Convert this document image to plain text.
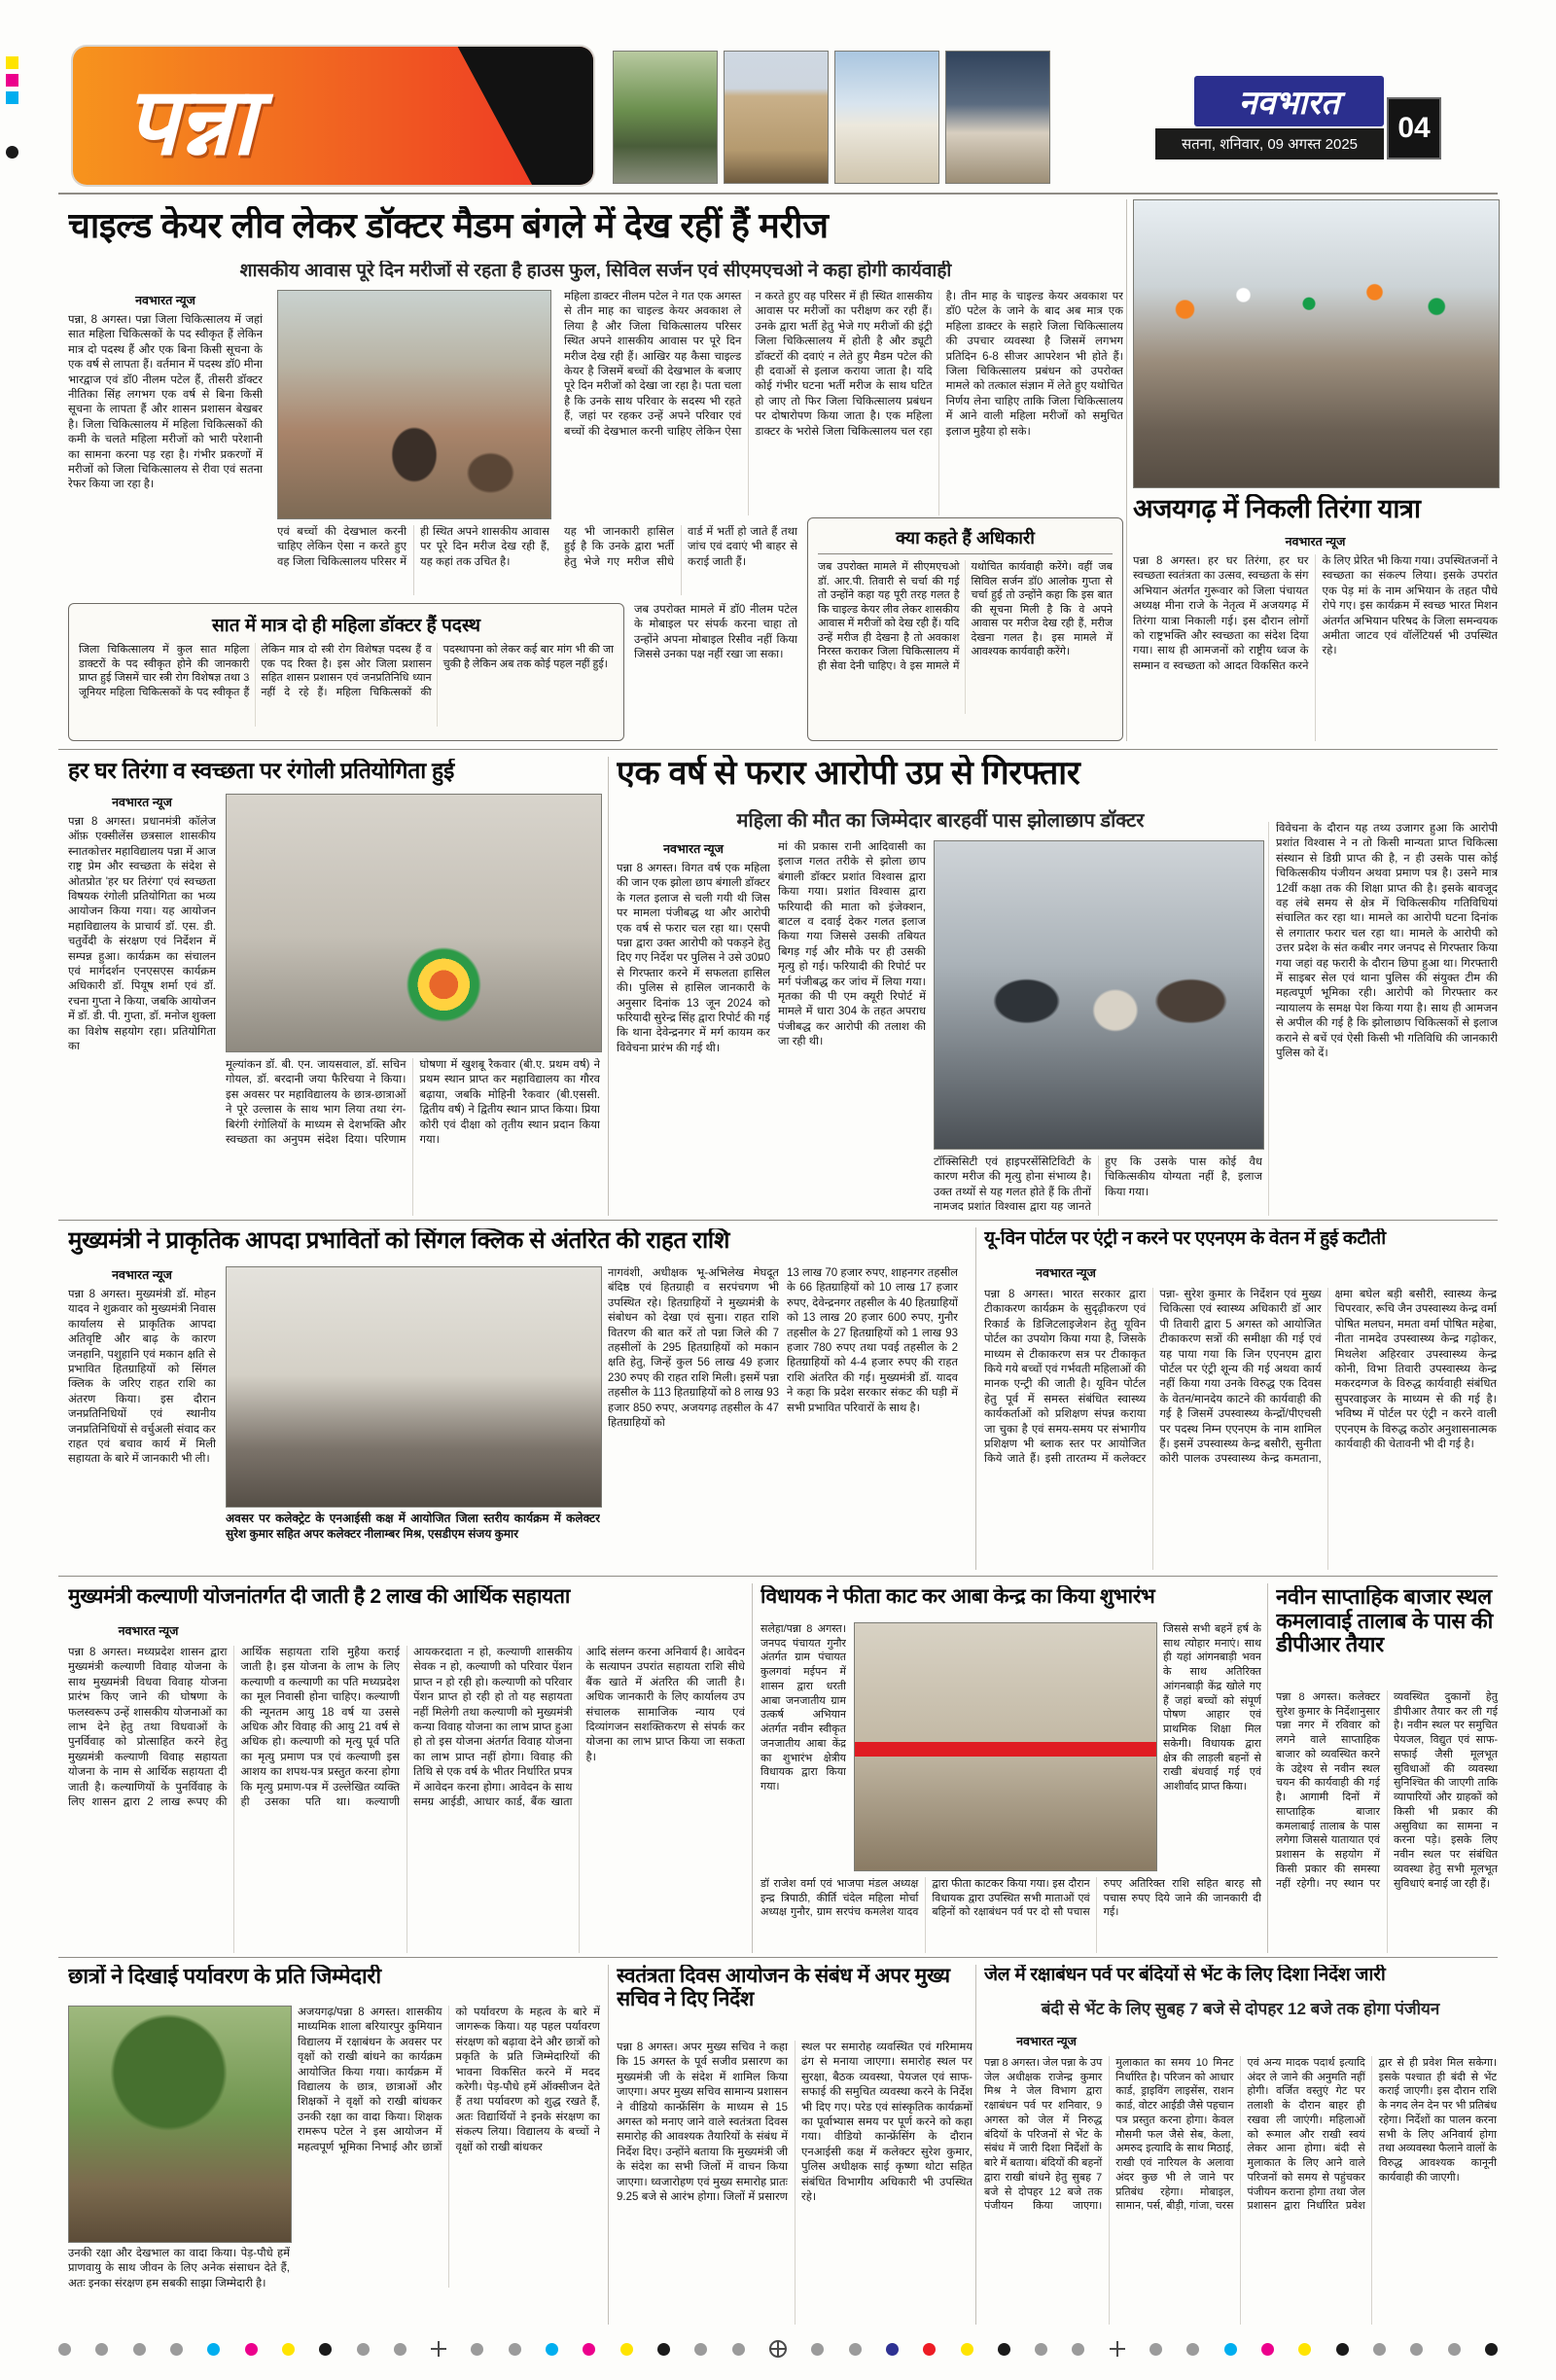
पन्ना	नवभारत
सतना, शनिवार, 09 अगस्त 2025
04
चाइल्ड केयर लीव लेकर डॉक्टर मैडम बंगले में देख रहीं हैं मरीज
शासकीय आवास पूरे दिन मरीजों से रहता है हाउस फुल, सिविल सर्जन एवं सीएमएचओ ने कहा होगी कार्यवाही
नवभारत न्यूज
पन्ना, 8 अगस्त। पन्ना जिला चिकित्सालय में जहां सात महिला चिकित्सकों के पद स्वीकृत हैं लेकिन मात्र दो पदस्थ हैं और एक बिना किसी सूचना के एक वर्ष से लापता हैं। वर्तमान में पदस्थ डॉ0 मीना भारद्वाज एवं डॉ0 नीलम पटेल हैं, तीसरी डॉक्टर नीतिका सिंह लगभग एक वर्ष से बिना किसी सूचना के लापता हैं और शासन प्रशासन बेखबर है। जिला चिकित्सालय में महिला चिकित्सकों की कमी के चलते महिला मरीजों को भारी परेशानी का सामना करना पड़ रहा है। गंभीर प्रकरणों में मरीजों को जिला चिकित्सालय से रीवा एवं सतना रेफर किया जा रहा है।
एवं बच्चों की देखभाल करनी चाहिए लेकिन ऐसा न करते हुए वह जिला चिकित्सालय परिसर में ही स्थित अपने शासकीय आवास पर पूरे दिन मरीज देख रही हैं, यह कहां तक उचित है।
महिला डाक्टर नीलम पटेल ने गत एक अगस्त से तीन माह का चाइल्ड केयर अवकाश ले लिया है और जिला चिकित्सालय परिसर स्थित अपने शासकीय आवास पर पूरे दिन मरीज देख रही हैं। आखिर यह कैसा चाइल्ड केयर है जिसमें बच्चों की देखभाल के बजाए पूरे दिन मरीजों को देखा जा रहा है। पता चला है कि उनके साथ परिवार के सदस्य भी रहते हैं, जहां पर रहकर उन्हें अपने परिवार एवं बच्चों की देखभाल करनी चाहिए लेकिन ऐसा न करते हुए वह परिसर में ही स्थित शासकीय आवास पर मरीजों का परीक्षण कर रही हैं। उनके द्वारा भर्ती हेतु भेजे गए मरीजों की इंट्री जिला चिकित्सालय में होती है और ड्यूटी डॉक्टरों की दवाएं न लेते हुए मैडम पटेल की ही दवाओं से इलाज कराया जाता है। यदि कोई गंभीर घटना भर्ती मरीज के साथ घटित हो जाए तो फिर जिला चिकित्सालय प्रबंधन पर दोषारोपण किया जाता है। एक महिला डाक्टर के भरोसे जिला चिकित्सालय चल रहा है। तीन माह के चाइल्ड केयर अवकाश पर डॉ0 पटेल के जाने के बाद अब मात्र एक महिला डाक्टर के सहारे जिला चिकित्सालय की उपचार व्यवस्था है जिसमें लगभग प्रतिदिन 6-8 सीजर आपरेशन भी होते हैं। जिला चिकित्सालय प्रबंधन को उपरोक्त मामले को तत्काल संज्ञान में लेते हुए यथोचित निर्णय लेना चाहिए ताकि जिला चिकित्सालय में आने वाली महिला मरीजों को समुचित इलाज मुहैया हो सके।
यह भी जानकारी हासिल हुई है कि उनके द्वारा भर्ती हेतु भेजे गए मरीज सीधे वार्ड में भर्ती हो जाते हैं तथा जांच एवं दवाएं भी बाहर से कराई जाती हैं।
सात में मात्र दो ही महिला डॉक्टर हैं पदस्थ
जिला चिकित्सालय में कुल सात महिला डाक्टरों के पद स्वीकृत होने की जानकारी प्राप्त हुई जिसमें चार स्त्री रोग विशेषज्ञ तथा 3 जूनियर महिला चिकित्सकों के पद स्वीकृत हैं लेकिन मात्र दो स्त्री रोग विशेषज्ञ पदस्थ हैं व एक पद रिक्त है। इस ओर जिला प्रशासन सहित शासन प्रशासन एवं जनप्रतिनिधि ध्यान नहीं दे रहे हैं। महिला चिकित्सकों की पदस्थापना को लेकर कई बार मांग भी की जा चुकी है लेकिन अब तक कोई पहल नहीं हुई।
जब उपरोक्त मामले में डॉ0 नीलम पटेल के मोबाइल पर संपर्क करना चाहा तो उन्होंने अपना मोबाइल रिसीव नहीं किया जिससे उनका पक्ष नहीं रखा जा सका।
क्या कहते हैं अधिकारी
जब उपरोक्त मामले में सीएमएचओ डॉ. आर.पी. तिवारी से चर्चा की गई तो उन्होंने कहा यह पूरी तरह गलत है कि चाइल्ड केयर लीव लेकर शासकीय आवास में मरीजों को देख रही हैं। यदि उन्हें मरीज ही देखना है तो अवकाश निरस्त कराकर जिला चिकित्सालय में ही सेवा देनी चाहिए। वे इस मामले में यथोचित कार्यवाही करेंगे। वहीं जब सिविल सर्जन डॉ0 आलोक गुप्ता से चर्चा हुई तो उन्होंने कहा कि इस बात की सूचना मिली है कि वे अपने आवास पर मरीज देख रही हैं, मरीज देखना गलत है। इस मामले में आवश्यक कार्यवाही करेंगे।
अजयगढ़ में निकली तिरंगा यात्रा
नवभारत न्यूज
पन्ना 8 अगस्त। हर घर तिरंगा, हर घर स्वच्छता स्वतंत्रता का उत्सव, स्वच्छता के संग अभियान अंतर्गत गुरूवार को जिला पंचायत अध्यक्ष मीना राजे के नेतृत्व में अजयगढ़ में तिरंगा यात्रा निकाली गई। इस दौरान लोगों को राष्ट्रभक्ति और स्वच्छता का संदेश दिया गया। साथ ही आमजनों को राष्ट्रीय ध्वज के सम्मान व स्वच्छता को आदत विकसित करने के लिए प्रेरित भी किया गया। उपस्थितजनों ने स्वच्छता का संकल्प लिया। इसके उपरांत एक पेड़ मां के नाम अभियान के तहत पौधे रोपे गए। इस कार्यक्रम में स्वच्छ भारत मिशन अंतर्गत अभियान परिषद के जिला समन्वयक अमीता जाटव एवं वॉलेंटियर्स भी उपस्थित रहे।
हर घर तिरंगा व स्वच्छता पर रंगोली प्रतियोगिता हुई
नवभारत न्यूज
पन्ना 8 अगस्त। प्रधानमंत्री कॉलेज ऑफ़ एक्सीलेंस छत्रसाल शासकीय स्नातकोत्तर महाविद्यालय पन्ना में आज राष्ट्र प्रेम और स्वच्छता के संदेश से ओतप्रोत 'हर घर तिरंगा' एवं स्वच्छता विषयक रंगोली प्रतियोगिता का भव्य आयोजन किया गया। यह आयोजन महाविद्यालय के प्राचार्य डॉ. एस. डी. चतुर्वेदी के संरक्षण एवं निर्देशन में सम्पन्न हुआ। कार्यक्रम का संचालन एवं मार्गदर्शन एनएसएस कार्यक्रम अधिकारी डॉ. पियूष शर्मा एवं डॉ. रचना गुप्ता ने किया, जबकि आयोजन में डॉ. डी. पी. गुप्ता, डॉ. मनोज शुक्ला का विशेष सहयोग रहा। प्रतियोगिता का
मूल्यांकन डॉ. बी. एन. जायसवाल, डॉ. सचिन गोयल, डॉ. बरदानी जया फैरिचया ने किया। इस अवसर पर महाविद्यालय के छात्र-छात्राओं ने पूरे उल्लास के साथ भाग लिया तथा रंग-बिरंगी रंगोलियों के माध्यम से देशभक्ति और स्वच्छता का अनुपम संदेश दिया। परिणाम घोषणा में खुशबू रैकवार (बी.ए. प्रथम वर्ष) ने प्रथम स्थान प्राप्त कर महाविद्यालय का गौरव बढ़ाया, जबकि मोहिनी रैकवार (बी.एससी. द्वितीय वर्ष) ने द्वितीय स्थान प्राप्त किया। प्रिया कोरी एवं दीक्षा को तृतीय स्थान प्रदान किया गया।
एक वर्ष से फरार आरोपी उप्र से गिरफ्तार
महिला की मौत का जिम्मेदार बारहवीं पास झोलाछाप डॉक्टर
नवभारत न्यूज
पन्ना 8 अगस्त। विगत वर्ष एक महिला की जान एक झोला छाप बंगाली डॉक्टर के गलत इलाज से चली गयी थी जिस पर मामला पंजीबद्ध था और आरोपी एक वर्ष से फरार चल रहा था। एसपी पन्ना द्वारा उक्त आरोपी को पकड़ने हेतु दिए गए निर्देश पर पुलिस ने उसे उ0प्र0 से गिरफ्तार करने में सफलता हासिल की। पुलिस से हासिल जानकारी के अनुसार दिनांक 13 जून 2024 को फरियादी सुरेन्द्र सिंह द्वारा रिपोर्ट की गई कि थाना देवेन्द्रनगर में मर्ग कायम कर विवेचना प्रारंभ की गई थी।
मां की प्रकास रानी आदिवासी का इलाज गलत तरीके से झोला छाप बंगाली डॉक्टर प्रशांत विश्वास द्वारा किया गया। प्रशांत विश्वास द्वारा फरियादी की माता को इंजेक्शन, बाटल व दवाई देकर गलत इलाज किया गया जिससे उसकी तबियत बिगड़ गई और मौके पर ही उसकी मृत्यु हो गई। फरियादी की रिपोर्ट पर मर्ग पंजीबद्ध कर जांच में लिया गया। मृतका की पी एम क्यूरी रिपोर्ट में मामले में धारा 304 के तहत अपराध पंजीबद्ध कर आरोपी की तलाश की जा रही थी।
टॉक्सिसिटी एवं हाइपरसेंसिटिविटी के कारण मरीज की मृत्यु होना संभाव्य है। उक्त तथ्यों से यह गलत होते हैं कि तीनों नामजद प्रशांत विश्वास द्वारा यह जानते हुए कि उसके पास कोई वैध चिकित्सकीय योग्यता नहीं है, इलाज किया गया।
विवेचना के दौरान यह तथ्य उजागर हुआ कि आरोपी प्रशांत विश्वास ने न तो किसी मान्यता प्राप्त चिकित्सा संस्थान से डिग्री प्राप्त की है, न ही उसके पास कोई चिकित्सकीय पंजीयन अथवा प्रमाण पत्र है। उसने मात्र 12वीं कक्षा तक की शिक्षा प्राप्त की है। इसके बावजूद वह लंबे समय से क्षेत्र में चिकित्सकीय गतिविधियां संचालित कर रहा था। मामले का आरोपी घटना दिनांक से लगातार फरार चल रहा था। मामले के आरोपी को उत्तर प्रदेश के संत कबीर नगर जनपद से गिरफ्तार किया गया जहां वह फरारी के दौरान छिपा हुआ था। गिरफ्तारी में साइबर सेल एवं थाना पुलिस की संयुक्त टीम की महत्वपूर्ण भूमिका रही। आरोपी को गिरफ्तार कर न्यायालय के समक्ष पेश किया गया है। साथ ही आमजन से अपील की गई है कि झोलाछाप चिकित्सकों से इलाज कराने से बचें एवं ऐसी किसी भी गतिविधि की जानकारी पुलिस को दें।
मुख्यमंत्री ने प्राकृतिक आपदा प्रभावितों को सिंगल क्लिक से अंतरित की राहत राशि
नवभारत न्यूज
पन्ना 8 अगस्त। मुख्यमंत्री डॉ. मोहन यादव ने शुक्रवार को मुख्यमंत्री निवास कार्यालय से प्राकृतिक आपदा अतिवृष्टि और बाढ़ के कारण जनहानि, पशुहानि एवं मकान क्षति से प्रभावित हितग्राहियों को सिंगल क्लिक के जरिए राहत राशि का अंतरण किया। इस दौरान जनप्रतिनिधियों एवं स्थानीय जनप्रतिनिधियों से वर्चुअली संवाद कर राहत एवं बचाव कार्य में मिली सहायता के बारे में जानकारी भी ली।
अवसर पर कलेक्ट्रेट के एनआईसी कक्ष में आयोजित जिला स्तरीय कार्यक्रम में कलेक्टर सुरेश कुमार सहित अपर कलेक्टर नीलाम्बर मिश्र, एसडीएम संजय कुमार
नागवंशी, अधीक्षक भू-अभिलेख मेघदूत बंदिष्ठ एवं हितग्राही व सरपंचगण भी उपस्थित रहे। हितग्राहियों ने मुख्यमंत्री के संबोधन को देखा एवं सुना। राहत राशि वितरण की बात करें तो पन्ना जिले की 7 तहसीलों के 295 हितग्राहियों को मकान क्षति हेतु, जिन्हें कुल 56 लाख 49 हजार 230 रुपए की राहत राशि मिली। इसमें पन्ना तहसील के 113 हितग्राहियों को 8 लाख 93 हजार 850 रुपए, अजयगढ़ तहसील के 47 हितग्राहियों को
13 लाख 70 हजार रुपए, शाहनगर तहसील के 66 हितग्राहियों को 10 लाख 17 हजार रुपए, देवेन्द्रनगर तहसील के 40 हितग्राहियों को 13 लाख 20 हजार 600 रुपए, गुनौर तहसील के 27 हितग्राहियों को 1 लाख 93 हजार 780 रुपए तथा पवई तहसील के 2 हितग्राहियों को 4-4 हजार रुपए की राहत राशि अंतरित की गई। मुख्यमंत्री डॉ. यादव ने कहा कि प्रदेश सरकार संकट की घड़ी में सभी प्रभावित परिवारों के साथ है।
यू-विन पोर्टल पर एंट्री न करने पर एएनएम के वेतन में हुई कटौती
नवभारत न्यूज
पन्ना 8 अगस्त। भारत सरकार द्वारा टीकाकरण कार्यक्रम के सुदृढ़ीकरण एवं रिकार्ड के डिजिटलाइजेशन हेतु यूविन पोर्टल का उपयोग किया गया है, जिसके माध्यम से टीकाकरण सत्र पर टीकाकृत किये गये बच्चों एवं गर्भवती महिलाओं की मानक एन्ट्री की जाती है। यूविन पोर्टल हेतु पूर्व में समस्त संबंधित स्वास्थ्य कार्यकर्ताओं को प्रशिक्षण संपन्न कराया जा चुका है एवं समय-समय पर संभागीय प्रशिक्षण भी ब्लाक स्तर पर आयोजित किये जाते हैं। इसी तारतम्य में कलेक्टर पन्ना- सुरेश कुमार के निर्देशन एवं मुख्य चिकित्सा एवं स्वास्थ्य अधिकारी डॉ आर पी तिवारी द्वारा 5 अगस्त को आयोजित टीकाकरण सत्रों की समीक्षा की गई एवं यह पाया गया कि जिन एएनएम द्वारा पोर्टल पर एंट्री शून्य की गई अथवा कार्य नहीं किया गया उनके विरुद्ध एक दिवस के वेतन/मानदेय काटने की कार्यवाही की गई है जिसमें उपस्वास्थ्य केन्द्रों/पीएचसी पर पदस्थ निम्न एएनएम के नाम शामिल हैं। इसमें उपस्वास्थ्य केन्द्र बसौरी, सुनीता कोरी पालक उपस्वास्थ्य केन्द्र कमताना, क्षमा बघेल बड़ी बसौरी, स्वास्थ्य केन्द्र चिपरवार, रूचि जैन उपस्वास्थ्य केन्द्र वर्मा पोषित मलघन, ममता वर्मा पोषित महेबा, नीता नामदेव उपस्वास्थ्य केन्द्र गढ़ोकर, मिथलेश अहिरवार उपस्वास्थ्य केन्द्र कोनी, विभा तिवारी उपस्वास्थ्य केन्द्र मकरदग्गज के विरुद्ध कार्यवाही संबंधित सुपरवाइजर के माध्यम से की गई है। भविष्य में पोर्टल पर एंट्री न करने वाली एएनएम के विरुद्ध कठोर अनुशासनात्मक कार्यवाही की चेतावनी भी दी गई है।
मुख्यमंत्री कल्याणी योजनांतर्गत दी जाती है 2 लाख की आर्थिक सहायता
नवभारत न्यूज
पन्ना 8 अगस्त। मध्यप्रदेश शासन द्वारा मुख्यमंत्री कल्याणी विवाह योजना के साथ मुख्यमंत्री विधवा विवाह योजना प्रारंभ किए जाने की घोषणा के फलस्वरूप उन्हें शासकीय योजनाओं का लाभ देने हेतु तथा विधवाओं के पुनर्विवाह को प्रोत्साहित करने हेतु मुख्यमंत्री कल्याणी विवाह सहायता योजना के नाम से आर्थिक सहायता दी जाती है। कल्याणियों के पुनर्विवाह के लिए शासन द्वारा 2 लाख रूपए की आर्थिक सहायता राशि मुहैया कराई जाती है। इस योजना के लाभ के लिए कल्याणी व कल्याणी का पति मध्यप्रदेश का मूल निवासी होना चाहिए। कल्याणी की न्यूनतम आयु 18 वर्ष या उससे अधिक और विवाह की आयु 21 वर्ष से अधिक हो। कल्याणी को मृत्यु पूर्व पति का मृत्यु प्रमाण पत्र एवं कल्याणी इस आशय का शपथ-पत्र प्रस्तुत करना होगा कि मृत्यु प्रमाण-पत्र में उल्लेखित व्यक्ति ही उसका पति था। कल्याणी आयकरदाता न हो, कल्याणी शासकीय सेवक न हो, कल्याणी को परिवार पेंशन प्राप्त न हो रही हो। कल्याणी को परिवार पेंशन प्राप्त हो रही हो तो यह सहायता नहीं मिलेगी तथा कल्याणी को मुख्यमंत्री कन्या विवाह योजना का लाभ प्राप्त हुआ हो तो इस योजना अंतर्गत विवाह योजना का लाभ प्राप्त नहीं होगा। विवाह की तिथि से एक वर्ष के भीतर निर्धारित प्रपत्र में आवेदन करना होगा। आवेदन के साथ समग्र आईडी, आधार कार्ड, बैंक खाता आदि संलग्न करना अनिवार्य है। आवेदन के सत्यापन उपरांत सहायता राशि सीधे बैंक खाते में अंतरित की जाती है। अधिक जानकारी के लिए कार्यालय उप संचालक सामाजिक न्याय एवं दिव्यांगजन सशक्तिकरण से संपर्क कर योजना का लाभ प्राप्त किया जा सकता है।
विधायक ने फीता काट कर आबा केन्द्र का किया शुभारंभ
सलेहा/पन्ना 8 अगस्त। जनपद पंचायत गुनौर अंतर्गत ग्राम पंचायत कुलगवां मईपन में शासन द्वारा धरती आबा जनजातीय ग्राम उत्कर्ष अभियान अंतर्गत नवीन स्वीकृत जनजातीय आबा केंद्र का शुभारंभ क्षेत्रीय विधायक द्वारा किया गया।
जिससे सभी बहनें हर्ष के साथ त्योहार मनाएं। साथ ही यहां आंगनबाड़ी भवन के साथ अतिरिक्त आंगनबाड़ी केंद्र खोले गए हैं जहां बच्चों को संपूर्ण पोषण आहार एवं प्राथमिक शिक्षा मिल सकेगी। विधायक द्वारा क्षेत्र की लाड़ली बहनों से राखी बंधवाई गई एवं आशीर्वाद प्राप्त किया।
डॉ राजेश वर्मा एवं भाजपा मंडल अध्यक्ष इन्द्र त्रिपाठी, कीर्ति चंदेल महिला मोर्चा अध्यक्ष गुनौर, ग्राम सरपंच कमलेश यादव द्वारा फीता काटकर किया गया। इस दौरान विधायक द्वारा उपस्थित सभी माताओं एवं बहिनों को रक्षाबंधन पर्व पर दो सौ पचास रुपए अतिरिक्त राशि सहित बारह सौ पचास रुपए दिये जाने की जानकारी दी गई।
नवीन साप्ताहिक बाजार स्थल कमलावाई तालाब के पास की डीपीआर तैयार
पन्ना 8 अगस्त। कलेक्टर सुरेश कुमार के निर्देशानुसार पन्ना नगर में रविवार को लगने वाले साप्ताहिक बाजार को व्यवस्थित करने के उद्देश्य से नवीन स्थल चयन की कार्यवाही की गई है। आगामी दिनों में साप्ताहिक बाजार कमलाबाई तालाब के पास लगेगा जिससे यातायात एवं प्रशासन के सहयोग में किसी प्रकार की समस्या नहीं रहेगी। नए स्थान पर व्यवस्थित दुकानों हेतु डीपीआर तैयार कर ली गई है। नवीन स्थल पर समुचित पेयजल, विद्युत एवं साफ-सफाई जैसी मूलभूत सुविधाओं की व्यवस्था सुनिश्चित की जाएगी ताकि व्यापारियों और ग्राहकों को किसी भी प्रकार की असुविधा का सामना न करना पड़े। इसके लिए नवीन स्थल पर संबंधित व्यवस्था हेतु सभी मूलभूत सुविधाएं बनाई जा रही हैं।
छात्रों ने दिखाई पर्यावरण के प्रति जिम्मेदारी
अजयगढ़/पन्ना 8 अगस्त। शासकीय माध्यमिक शाला बरियारपुर कुमियान विद्यालय में रक्षाबंधन के अवसर पर वृक्षों को राखी बांधने का कार्यक्रम आयोजित किया गया। कार्यक्रम में विद्यालय के छात्र, छात्राओं और शिक्षकों ने वृक्षों को राखी बांधकर उनकी रक्षा का वादा किया। शिक्षक रामरूप पटेल ने इस आयोजन में महत्वपूर्ण भूमिका निभाई और छात्रों को पर्यावरण के महत्व के बारे में जागरूक किया। यह पहल पर्यावरण संरक्षण को बढ़ावा देने और छात्रों को प्रकृति के प्रति जिम्मेदारियों की भावना विकसित करने में मदद करेगी। पेड़-पौधे हमें ऑक्सीजन देते हैं तथा पर्यावरण को शुद्ध रखते हैं, अतः विद्यार्थियों ने इनके संरक्षण का संकल्प लिया। विद्यालय के बच्चों ने वृक्षों को राखी बांधकर
उनकी रक्षा और देखभाल का वादा किया। पेड़-पौधे हमें प्राणवायु के साथ जीवन के लिए अनेक संसाधन देते हैं, अतः इनका संरक्षण हम सबकी साझा जिम्मेदारी है।
स्वतंत्रता दिवस आयोजन के संबंध में अपर मुख्य सचिव ने दिए निर्देश
पन्ना 8 अगस्त। अपर मुख्य सचिव ने कहा कि 15 अगस्त के पूर्व सजीव प्रसारण का मुख्यमंत्री जी के संदेश में शामिल किया जाएगा। अपर मुख्य सचिव सामान्य प्रशासन ने वीडियो कान्फ्रेंसिंग के माध्यम से 15 अगस्त को मनाए जाने वाले स्वतंत्रता दिवस समारोह की आवश्यक तैयारियों के संबंध में निर्देश दिए। उन्होंने बताया कि मुख्यमंत्री जी के संदेश का सभी जिलों में वाचन किया जाएगा। ध्वजारोहण एवं मुख्य समारोह प्रातः 9.25 बजे से आरंभ होगा। जिलों में प्रसारण स्थल पर समारोह व्यवस्थित एवं गरिमामय ढंग से मनाया जाएगा। समारोह स्थल पर सुरक्षा, बैठक व्यवस्था, पेयजल एवं साफ-सफाई की समुचित व्यवस्था करने के निर्देश भी दिए गए। परेड एवं सांस्कृतिक कार्यक्रमों का पूर्वाभ्यास समय पर पूर्ण करने को कहा गया। वीडियो कान्फ्रेंसिंग के दौरान एनआईसी कक्ष में कलेक्टर सुरेश कुमार, पुलिस अधीक्षक साई कृष्णा थोटा सहित संबंधित विभागीय अधिकारी भी उपस्थित रहे।
जेल में रक्षाबंधन पर्व पर बंदियों से भेंट के लिए दिशा निर्देश जारी
बंदी से भेंट के लिए सुबह 7 बजे से दोपहर 12 बजे तक होगा पंजीयन
नवभारत न्यूज
पन्ना 8 अगस्त। जेल पन्ना के उप जेल अधीक्षक राजेन्द्र कुमार मिश्र ने जेल विभाग द्वारा रक्षाबंधन पर्व पर शनिवार, 9 अगस्त को जेल में निरुद्ध बंदियों के परिजनों से भेंट के संबंध में जारी दिशा निर्देशों के बारे में बताया। बंदियों की बहनों द्वारा राखी बांधने हेतु सुबह 7 बजे से दोपहर 12 बजे तक पंजीयन किया जाएगा। मुलाकात का समय 10 मिनट निर्धारित है। परिजन को आधार कार्ड, ड्राइविंग लाइसेंस, राशन कार्ड, वोटर आईडी जैसे पहचान पत्र प्रस्तुत करना होगा। केवल मौसमी फल जैसे सेब, केला, अमरुद इत्यादि के साथ मिठाई, राखी एवं नारियल के अलावा अंदर कुछ भी ले जाने पर प्रतिबंध रहेगा। मोबाइल, सामान, पर्स, बीड़ी, गांजा, चरस एवं अन्य मादक पदार्थ इत्यादि अंदर ले जाने की अनुमति नहीं होगी। वर्जित वस्तुएं गेट पर तलाशी के दौरान बाहर ही रखवा ली जाएंगी। महिलाओं को रूमाल और राखी स्वयं लेकर आना होगा। बंदी से मुलाकात के लिए आने वाले परिजनों को समय से पहुंचकर पंजीयन कराना होगा तथा जेल प्रशासन द्वारा निर्धारित प्रवेश द्वार से ही प्रवेश मिल सकेगा। इसके पश्चात ही बंदी से भेंट कराई जाएगी। इस दौरान राशि के नगद लेन देन पर भी प्रतिबंध रहेगा। निर्देशों का पालन करना सभी के लिए अनिवार्य होगा तथा अव्यवस्था फैलाने वालों के विरुद्ध आवश्यक कानूनी कार्यवाही की जाएगी।
